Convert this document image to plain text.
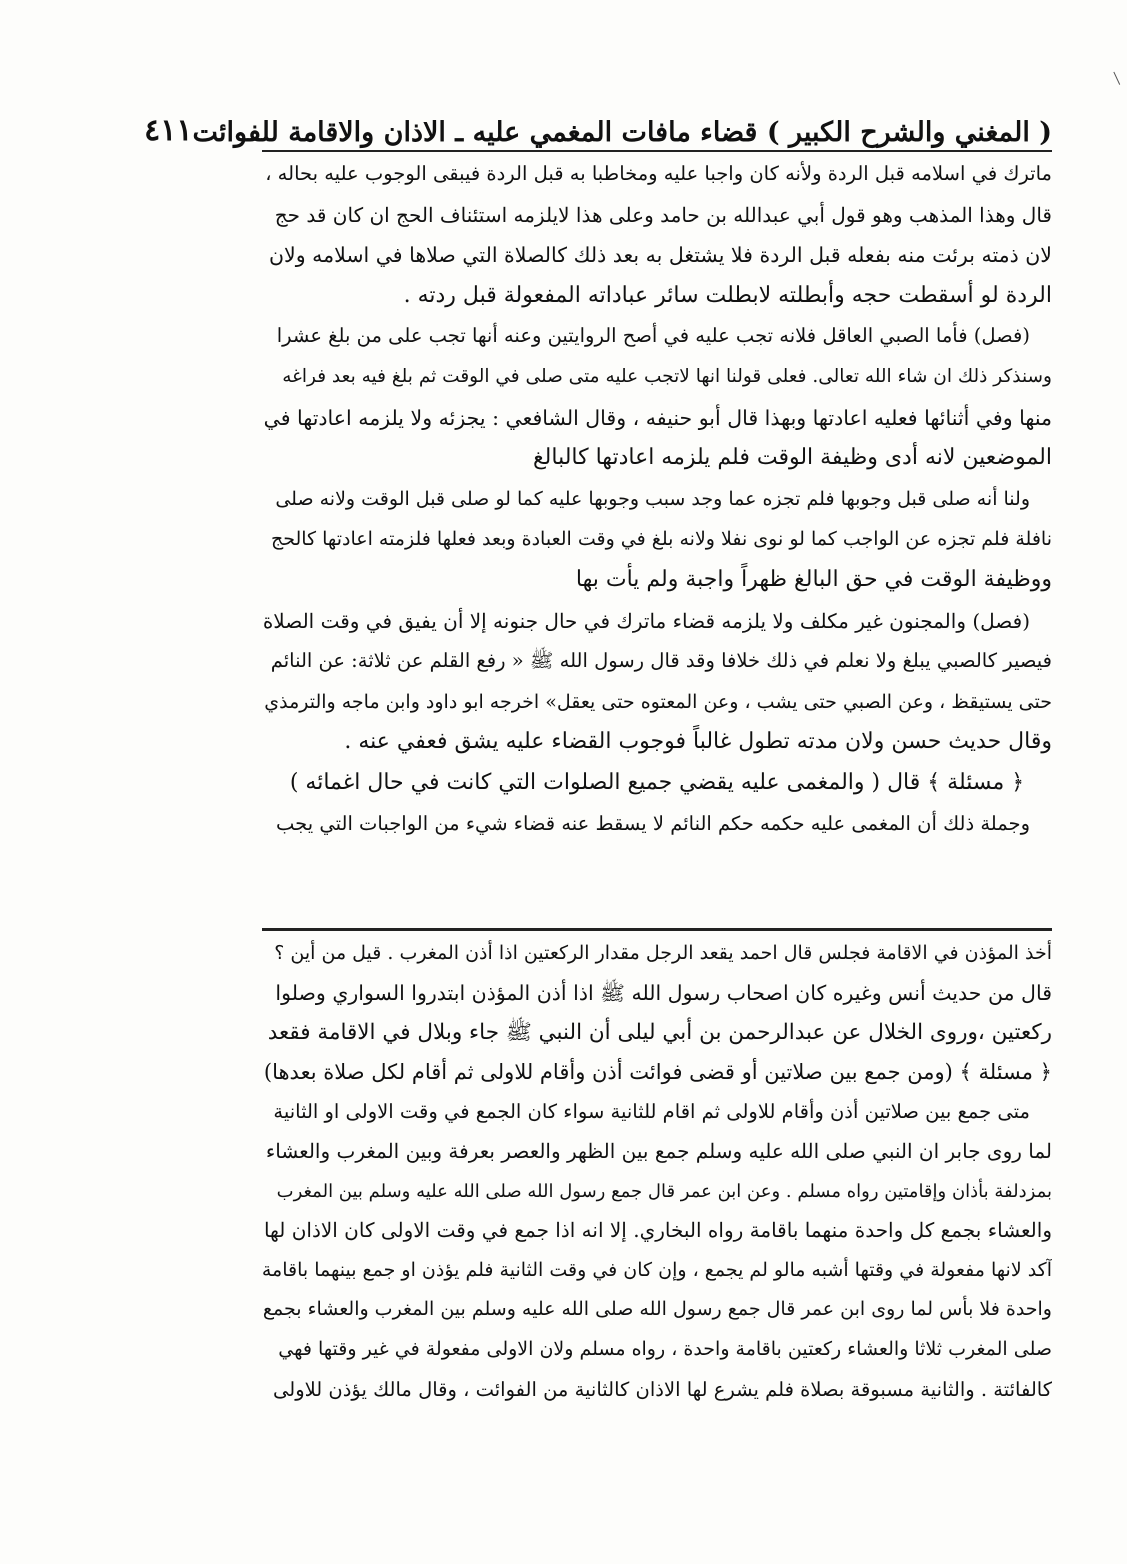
( المغني والشرح الكبير ) قضاء مافات المغمي عليه ـ الاذان والاقامة للفوائت
٤١١
ماترك في اسلامه قبل الردة ولأنه كان واجبا عليه ومخاطبا به قبل الردة فيبقى الوجوب عليه بحاله ،
قال وهذا المذهب وهو قول أبي عبدالله بن حامد وعلى هذا لايلزمه استئناف الحج ان كان قد حج
لان ذمته برئت منه بفعله قبل الردة فلا يشتغل به بعد ذلك كالصلاة التي صلاها في اسلامه ولان
الردة لو أسقطت حجه وأبطلته لابطلت سائر عباداته المفعولة قبل ردته .
(فصل) فأما الصبي العاقل فلانه تجب عليه في أصح الروايتين وعنه أنها تجب على من بلغ عشرا
وسنذكر ذلك ان شاء الله تعالى. فعلى قولنا انها لاتجب عليه متى صلى في الوقت ثم بلغ فيه بعد فراغه
منها وفي أثنائها فعليه اعادتها وبهذا قال أبو حنيفه ، وقال الشافعي : يجزئه ولا يلزمه اعادتها في
الموضعين لانه أدى وظيفة الوقت فلم يلزمه اعادتها كالبالغ
ولنا أنه صلى قبل وجوبها فلم تجزه عما وجد سبب وجوبها عليه كما لو صلى قبل الوقت ولانه صلى
نافلة فلم تجزه عن الواجب كما لو نوى نفلا ولانه بلغ في وقت العبادة وبعد فعلها فلزمته اعادتها كالحج
ووظيفة الوقت في حق البالغ ظهراً واجبة ولم يأت بها
(فصل) والمجنون غير مكلف ولا يلزمه قضاء ماترك في حال جنونه إلا أن يفيق في وقت الصلاة
فيصير كالصبي يبلغ ولا نعلم في ذلك خلافا وقد قال رسول الله ﷺ « رفع القلم عن ثلاثة: عن النائم
حتى يستيقظ ، وعن الصبي حتى يشب ، وعن المعتوه حتى يعقل» اخرجه ابو داود وابن ماجه والترمذي
وقال حديث حسن ولان مدته تطول غالباً فوجوب القضاء عليه يشق فعفي عنه .
﴿ مسئلة ﴾ قال ( والمغمى عليه يقضي جميع الصلوات التي كانت في حال اغمائه )
وجملة ذلك أن المغمى عليه حكمه حكم النائم لا يسقط عنه قضاء شيء من الواجبات التي يجب
أخذ المؤذن في الاقامة فجلس قال احمد يقعد الرجل مقدار الركعتين اذا أذن المغرب . قيل من أين ؟
قال من حديث أنس وغيره كان اصحاب رسول الله ﷺ اذا أذن المؤذن ابتدروا السواري وصلوا
ركعتين ،وروى الخلال عن عبدالرحمن بن أبي ليلى أن النبي ﷺ جاء وبلال في الاقامة فقعد
﴿ مسئلة ﴾ (ومن جمع بين صلاتين أو قضى فوائت أذن وأقام للاولى ثم أقام لكل صلاة بعدها)
متى جمع بين صلاتين أذن وأقام للاولى ثم اقام للثانية سواء كان الجمع في وقت الاولى او الثانية
لما روى جابر ان النبي صلى الله عليه وسلم جمع بين الظهر والعصر بعرفة وبين المغرب والعشاء
بمزدلفة بأذان وإقامتين رواه مسلم . وعن ابن عمر قال جمع رسول الله صلى الله عليه وسلم بين المغرب
والعشاء بجمع كل واحدة منهما باقامة رواه البخاري. إلا انه اذا جمع في وقت الاولى كان الاذان لها
آكد لانها مفعولة في وقتها أشبه مالو لم يجمع ، وإن كان في وقت الثانية فلم يؤذن او جمع بينهما باقامة
واحدة فلا بأس لما روى ابن عمر قال جمع رسول الله صلى الله عليه وسلم بين المغرب والعشاء بجمع
صلى المغرب ثلاثا والعشاء ركعتين باقامة واحدة ، رواه مسلم ولان الاولى مفعولة في غير وقتها فهي
كالفائتة . والثانية مسبوقة بصلاة فلم يشرع لها الاذان كالثانية من الفوائت ، وقال مالك يؤذن للاولى
